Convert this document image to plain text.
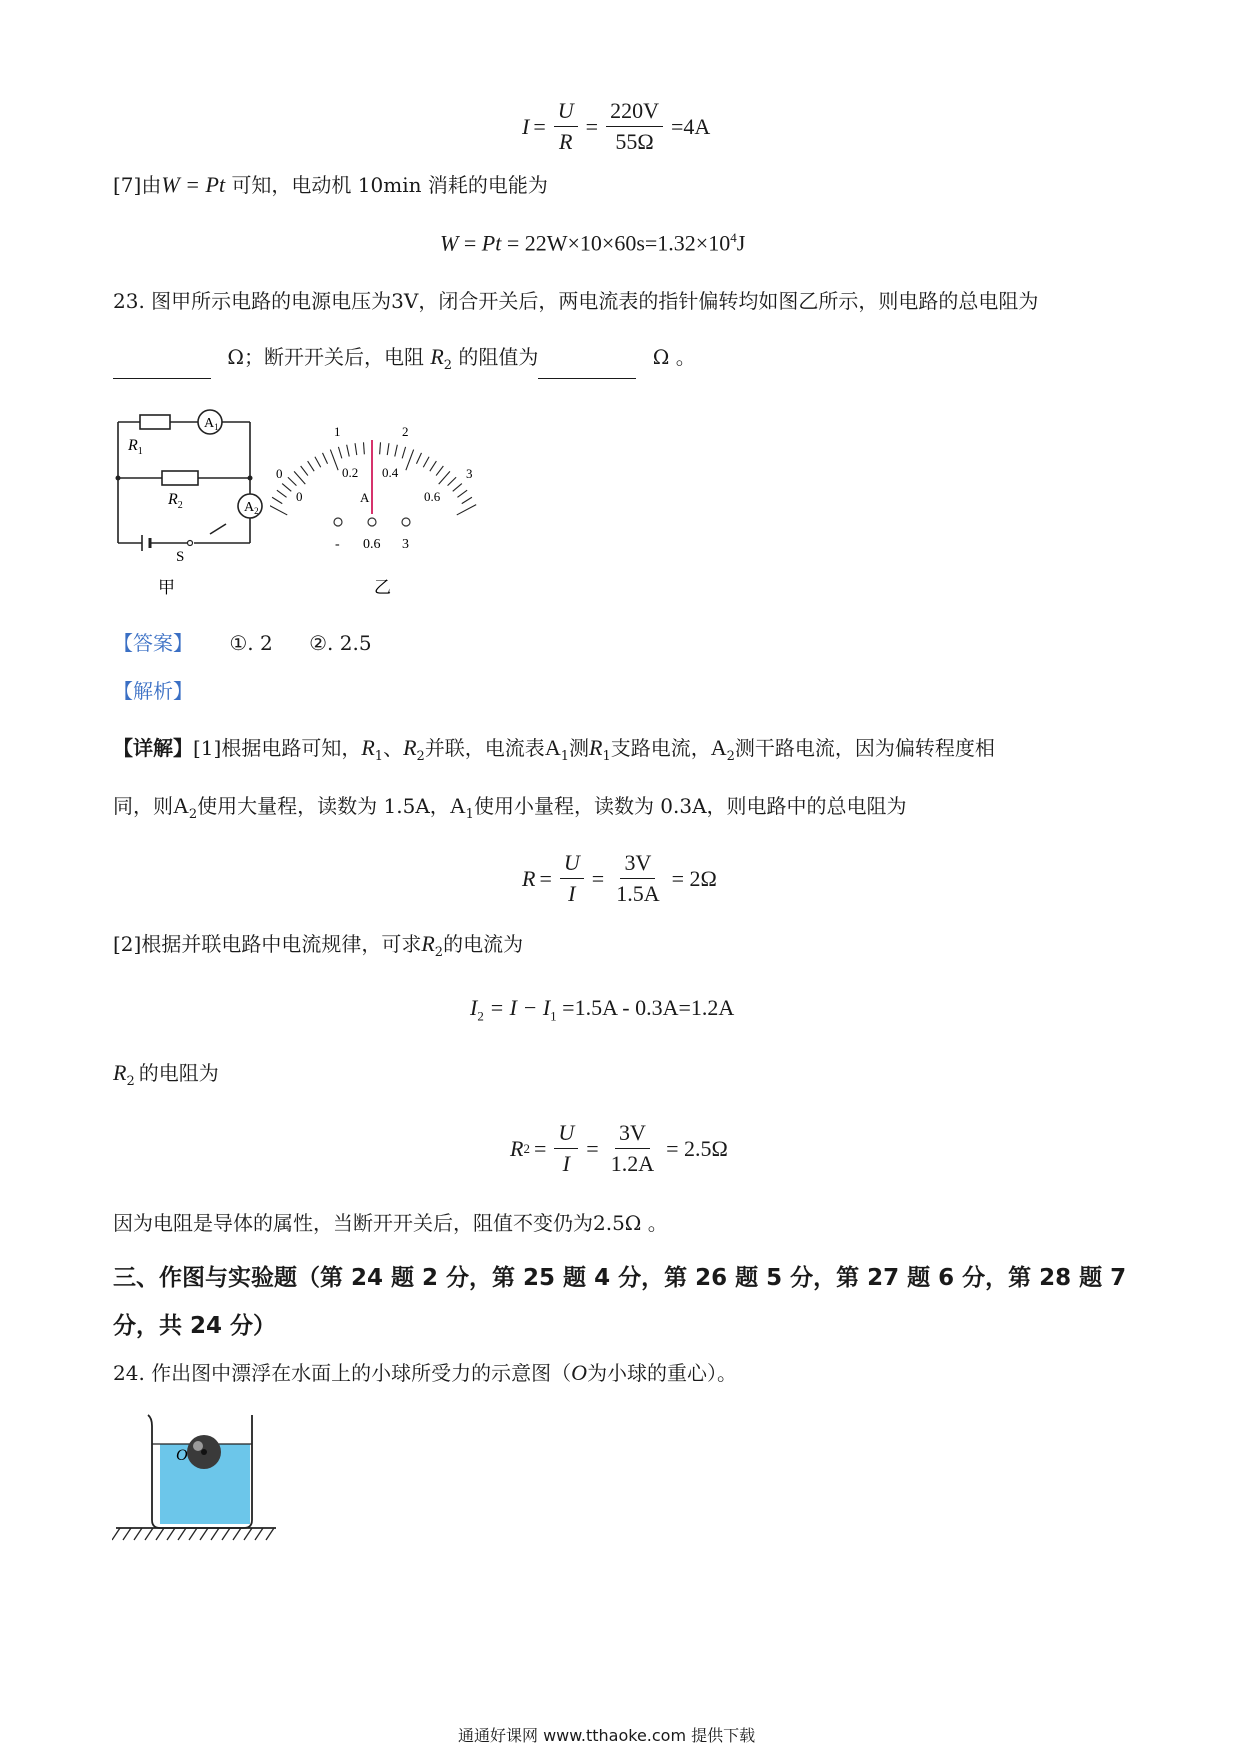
$I = \frac{U}{R} = \frac{220V}{55\Omega} =4A$
[7]由W = Pt 可知，电动机 10min 消耗的电能为
$W = Pt = 22W\times 10\times 60s=1.32\times 10^4J$
23. 图甲所示电路的电源电压为3V，闭合开关后，两电流表的指针偏转均如图乙所示，则电路的总电阻为
Ω；断开开关后，电阻 $R_2$ 的阻值为	Ω 。
$R_1$
$R_2$
$A_1$
$A_2$
S
甲
0
1	2
3
0
0.2 0.4
0.6
A
- 0.6 3
乙
【答案】 ①. 2 ②. 2.5
【解析】
【详解】[1]根据电路可知，$R_1$、$R_2$并联，电流表$A_1$测$R_1$支路电流，$A_2$测干路电流，因为偏转程度相
同，则$A_2$使用大量程，读数为 1.5A，$A_1$使用小量程，读数为 0.3A，则电路中的总电阻为
$R = \frac{U}{I} = \frac{3V}{1.5A} = 2\Omega$
[2]根据并联电路中电流规律，可求$R_2$的电流为
$I_2 = I - I_1 =1.5A - 0.3A=1.2A$
$R_2$ 的电阻为
R $2 = \frac{U}{I} = \frac{3V}{1.2A} = 2.5\Omega$
因为电阻是导体的属性，当断开开关后，阻值不变仍为2.5Ω 。
三、作图与实验题（第 24 题 2 分，第 25 题 4 分，第 26 题 5 分，第 27 题 6 分，第 28 题 7
分，共 24 分）
24. 作出图中漂浮在水面上的小球所受力的示意图（O为小球的重心）。
O
通通好课网 www.tthaoke.com 提供下载
